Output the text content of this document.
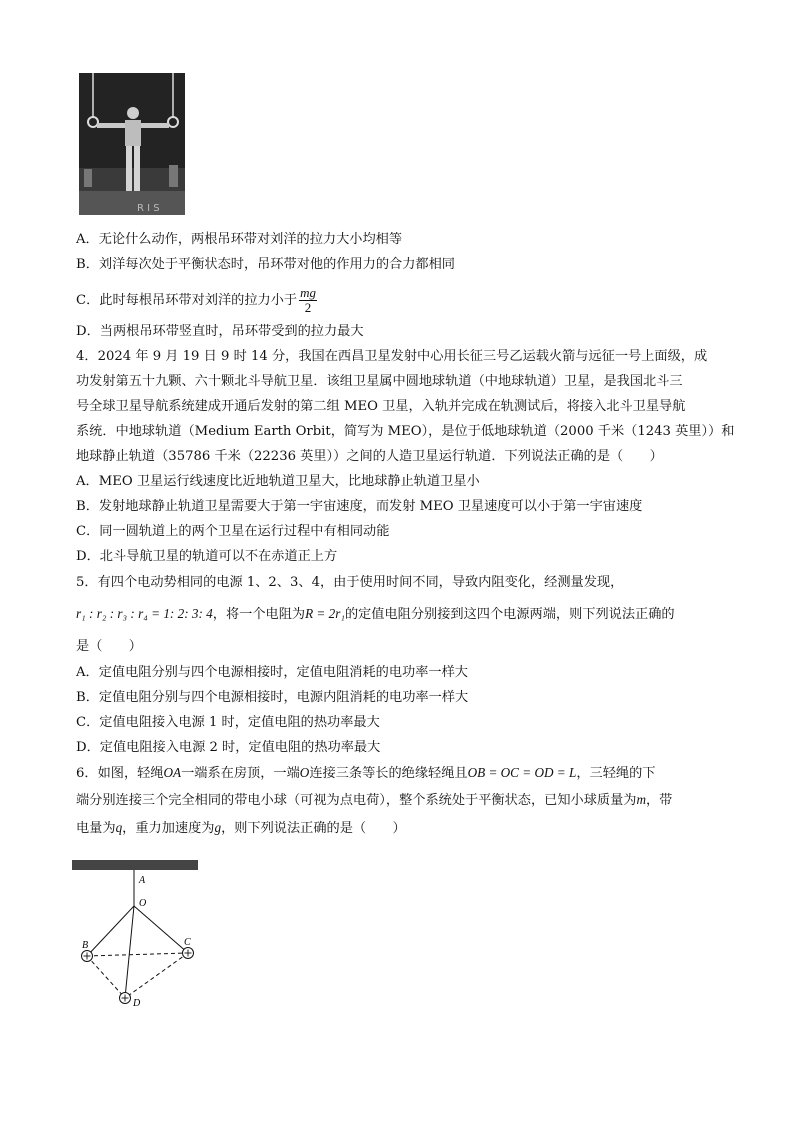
R I S
A．无论什么动作，两根吊环带对刘洋的拉力大小均相等
B．刘洋每次处于平衡状态时，吊环带对他的作用力的合力都相同
C．此时每根吊环带对刘洋的拉力小于 $\frac{mg}{2}$
D．当两根吊环带竖直时，吊环带受到的拉力最大
4．2024 年 9 月 19 日 9 时 14 分，我国在西昌卫星发射中心用长征三号乙运载火箭与远征一号上面级，成
功发射第五十九颗、六十颗北斗导航卫星．该组卫星属中圆地球轨道（中地球轨道）卫星，是我国北斗三
号全球卫星导航系统建成开通后发射的第二组 MEO 卫星，入轨并完成在轨测试后，将接入北斗卫星导航
系统．中地球轨道（Medium Earth Orbit，简写为 MEO），是位于低地球轨道（2000 千米（1243 英里））和
地球静止轨道（35786 千米（22236 英里））之间的人造卫星运行轨道．下列说法正确的是（　　）
A．MEO 卫星运行线速度比近地轨道卫星大，比地球静止轨道卫星小
B．发射地球静止轨道卫星需要大于第一宇宙速度，而发射 MEO 卫星速度可以小于第一宇宙速度
C．同一圆轨道上的两个卫星在运行过程中有相同动能
D．北斗导航卫星的轨道可以不在赤道正上方
5．有四个电动势相同的电源 1、2、3、4，由于使用时间不同，导致内阻变化，经测量发现，
r₁ : r₂ : r₃ : r₄ = 1: 2: 3: 4，将一个电阻为R = 2r₁的定值电阻分别接到这四个电源两端，则下列说法正确的
是（　　）
A．定值电阻分别与四个电源相接时，定值电阻消耗的电功率一样大
B．定值电阻分别与四个电源相接时，电源内阻消耗的电功率一样大
C．定值电阻接入电源 1 时，定值电阻的热功率最大
D．定值电阻接入电源 2 时，定值电阻的热功率最大
6．如图，轻绳OA一端系在房顶，一端O连接三条等长的绝缘轻绳且OB = OC = OD = L，三轻绳的下
端分别连接三个完全相同的带电小球（可视为点电荷），整个系统处于平衡状态，已知小球质量为m，带
电量为q，重力加速度为g，则下列说法正确的是（　　）
A
O
B	C
D
